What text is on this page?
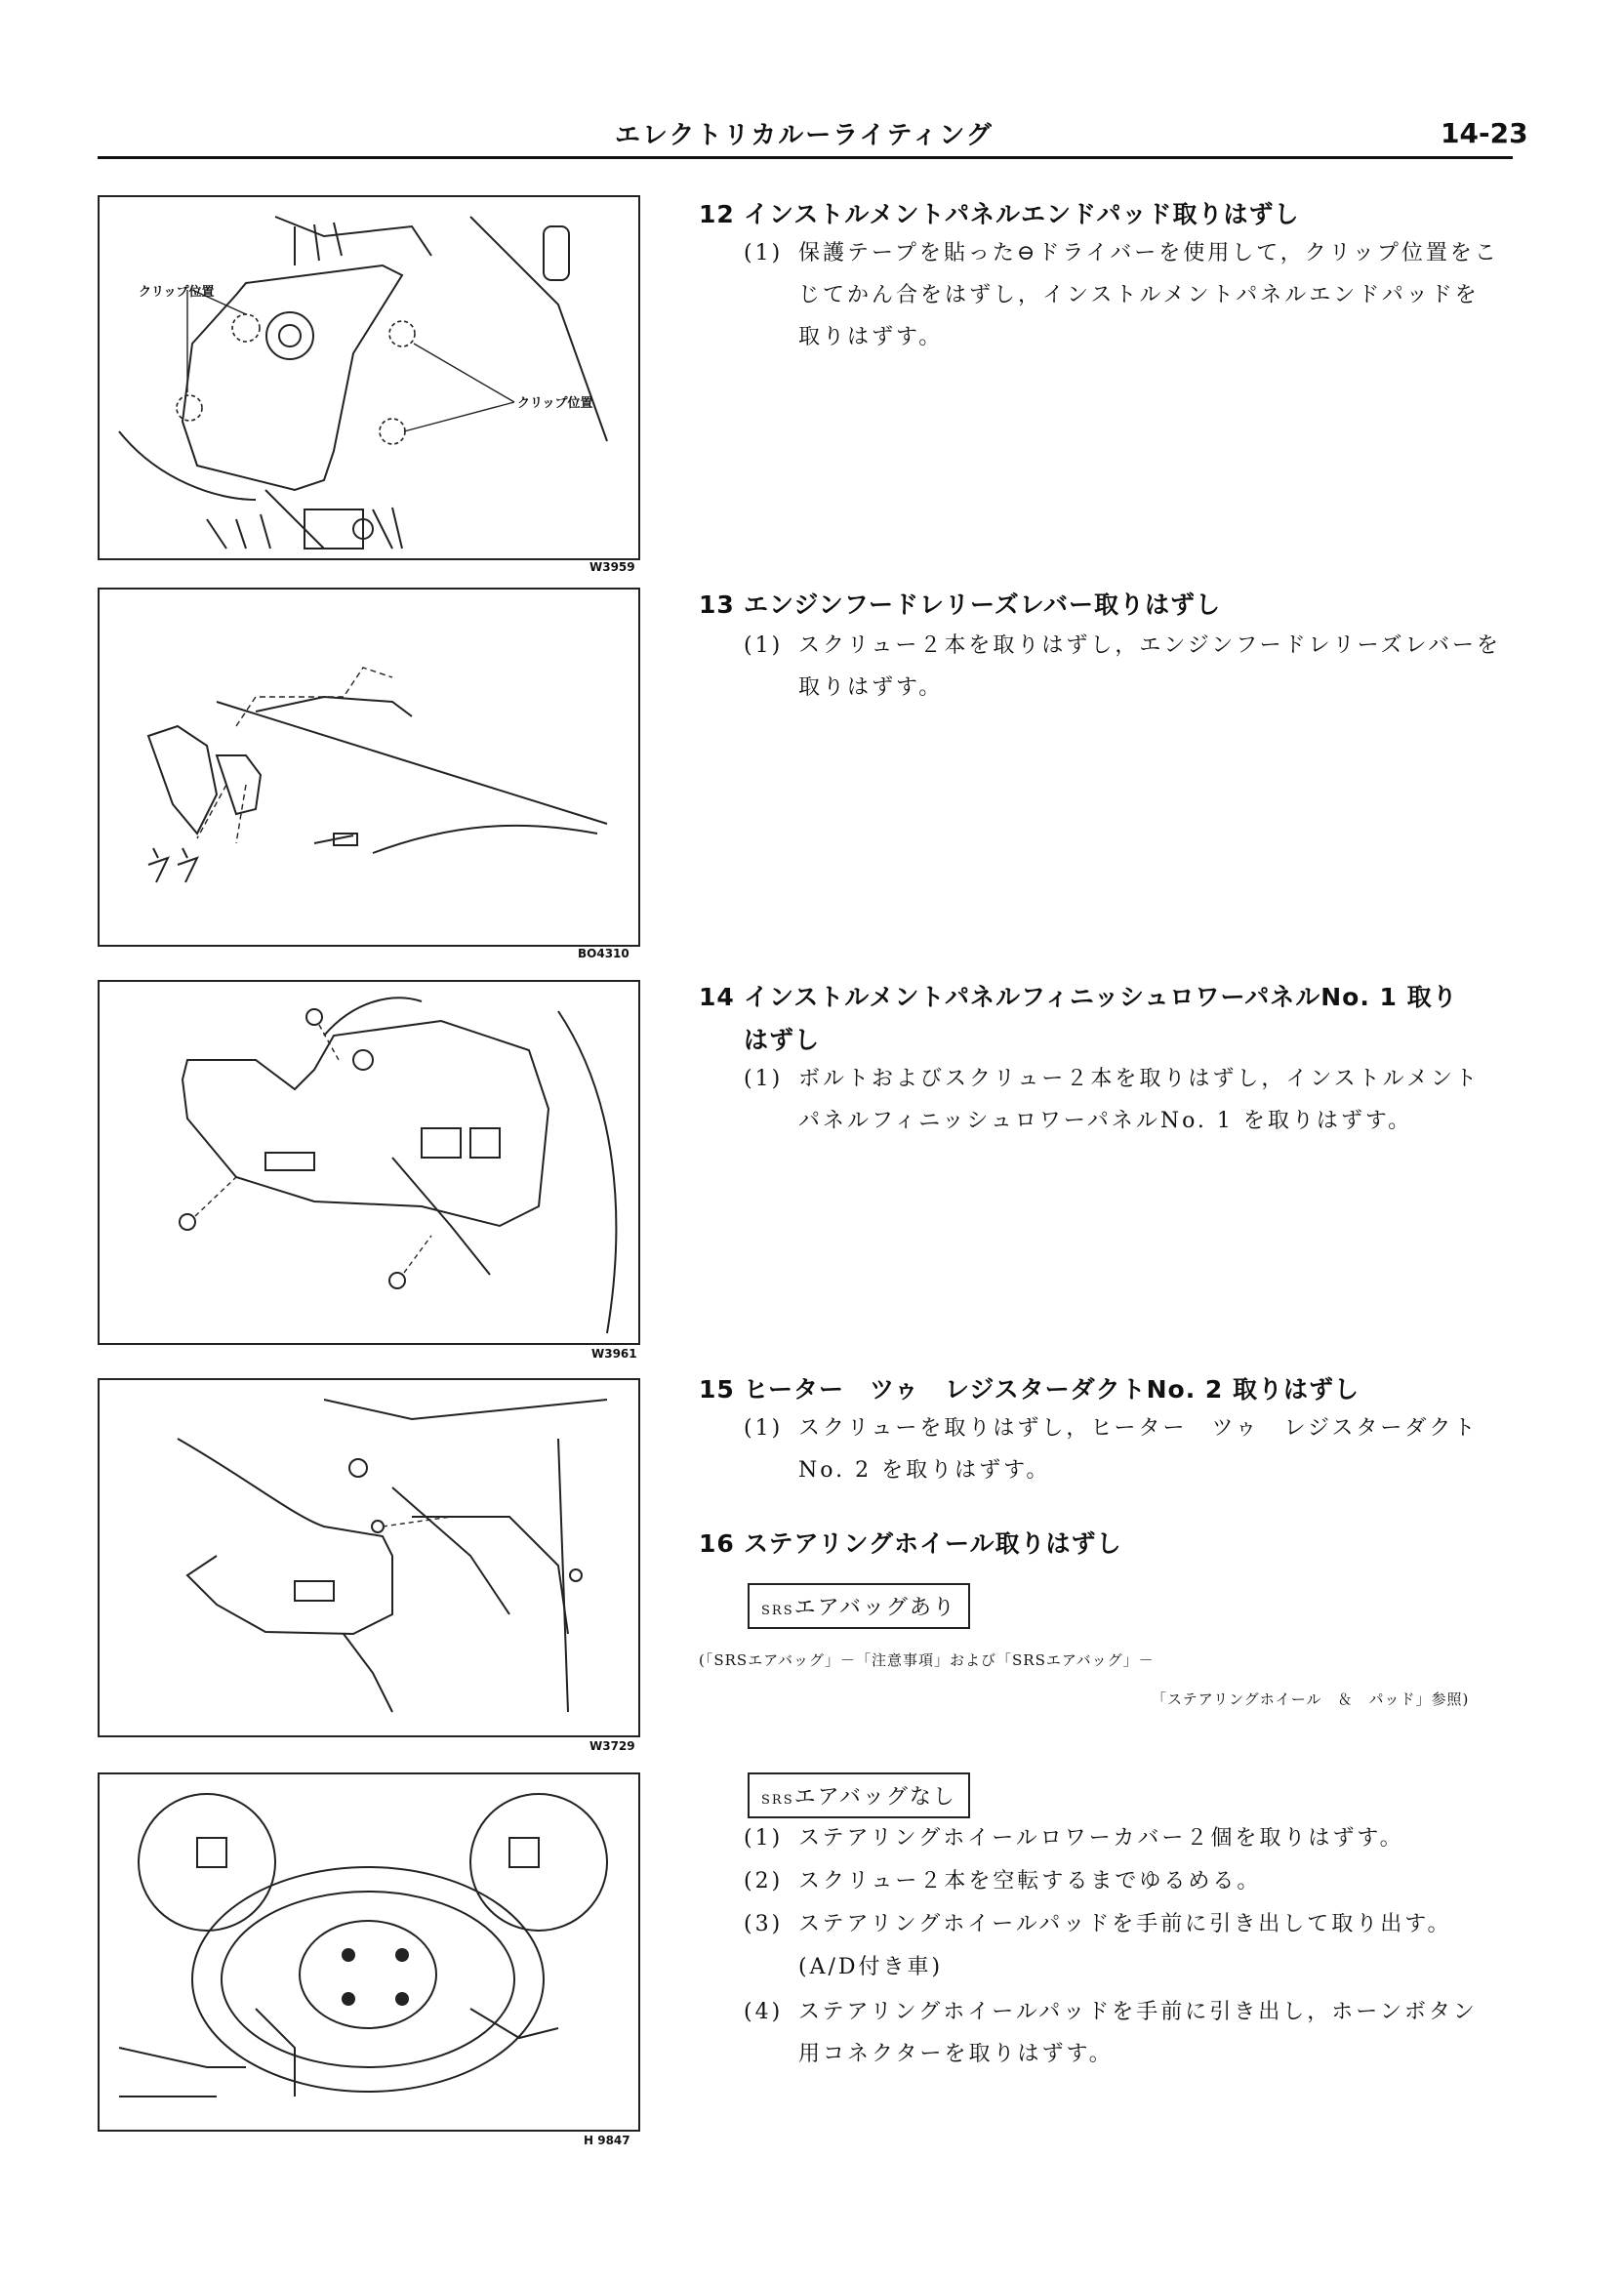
エレクトリカルーライティング	14-23
クリップ位置
クリップ位置
W3959
BO4310
W3961
W3729
H 9847
12 インストルメントパネルエンドパッド取りはずし
(1) 保護テープを貼った⊖ドライバーを使用して，クリップ位置をこじてかん合をはずし，インストルメントパネルエンドパッドを取りはずす。
13 エンジンフードレリーズレバー取りはずし
(1) スクリュー２本を取りはずし，エンジンフードレリーズレバーを取りはずす。
14 インストルメントパネルフィニッシュロワーパネルNo. 1 取り
はずし
(1) ボルトおよびスクリュー２本を取りはずし，インストルメントパネルフィニッシュロワーパネルNo. 1 を取りはずす。
15 ヒーター　ツゥ　レジスターダクトNo. 2 取りはずし
(1) スクリューを取りはずし，ヒーター　ツゥ　レジスターダクトNo. 2 を取りはずす。
16 ステアリングホイール取りはずし
SRSエアバッグあり
(「SRSエアバッグ」－「注意事項」および「SRSエアバッグ」－
「ステアリングホイール　＆　パッド」参照)
SRSエアバッグなし
(1) ステアリングホイールロワーカバー２個を取りはずす。
(2) スクリュー２本を空転するまでゆるめる。
(3) ステアリングホイールパッドを手前に引き出して取り出す。
(A/D付き車)
(4) ステアリングホイールパッドを手前に引き出し，ホーンボタン用コネクターを取りはずす。
